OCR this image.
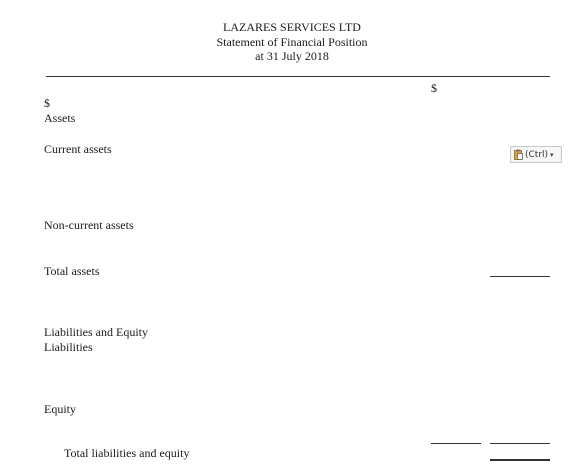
LAZARES SERVICES LTD
Statement of Financial Position
at 31 July 2018
$
$
Assets
Current assets	(Ctrl) ▾
Non-current assets
Total assets
Liabilities and Equity
Liabilities
Equity
Total liabilities and equity
